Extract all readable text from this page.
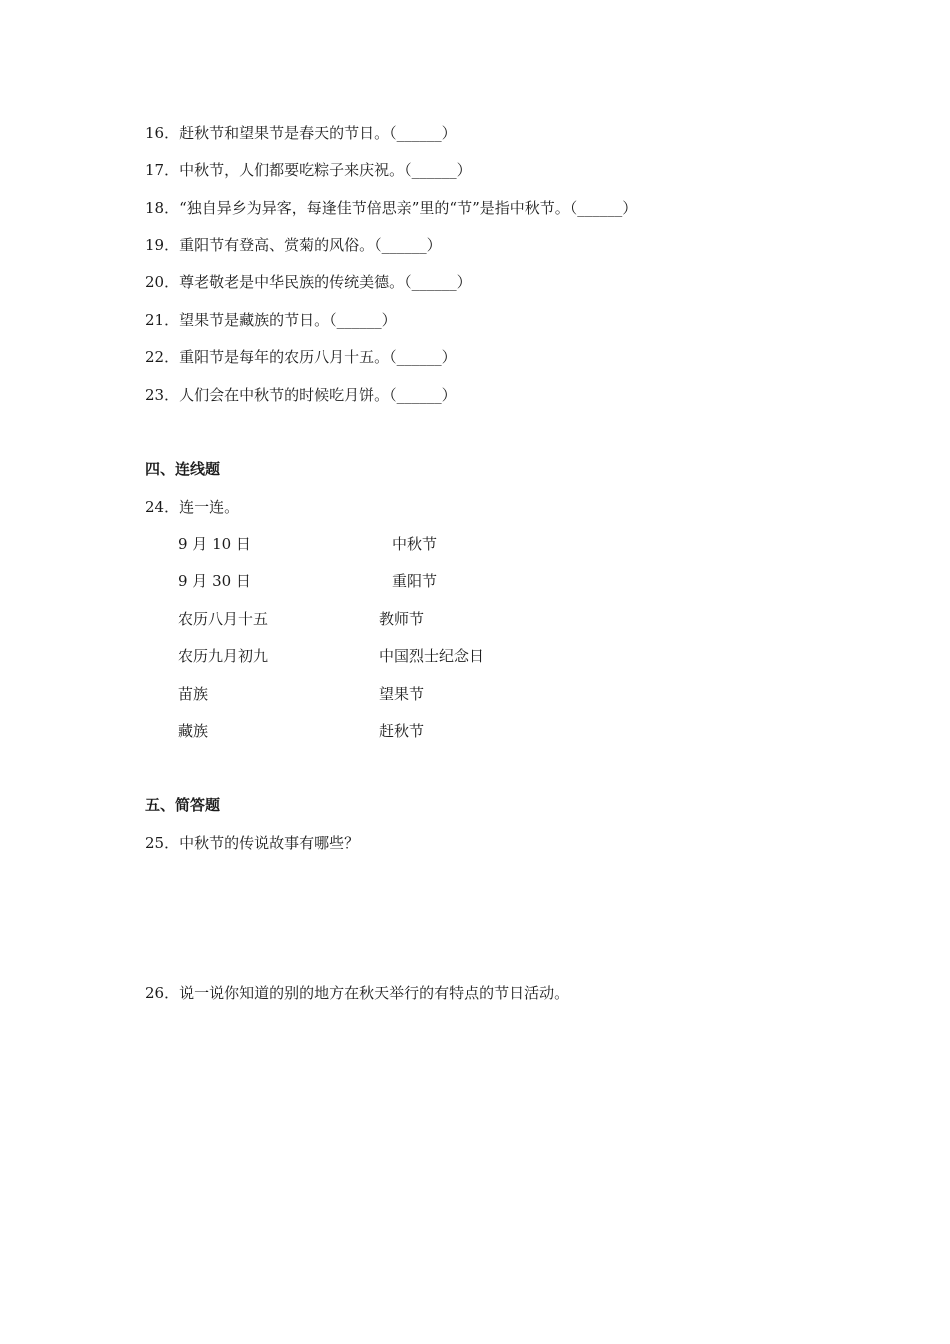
16．赶秋节和望果节是春天的节日。（______）
17．中秋节，人们都要吃粽子来庆祝。（______）
18．“独自异乡为异客，每逢佳节倍思亲”里的“节”是指中秋节。（______）
19．重阳节有登高、赏菊的风俗。（______）
20．尊老敬老是中华民族的传统美德。（______）
21．望果节是藏族的节日。（______）
22．重阳节是每年的农历八月十五。（______）
23．人们会在中秋节的时候吃月饼。（______）
四、连线题
24．连一连。
9 月 10 日
9 月 30 日
农历八月十五
农历九月初九
苗族
藏族
中秋节
重阳节
教师节
中国烈士纪念日
望果节
赶秋节
五、简答题
25．中秋节的传说故事有哪些？
26．说一说你知道的别的地方在秋天举行的有特点的节日活动。
